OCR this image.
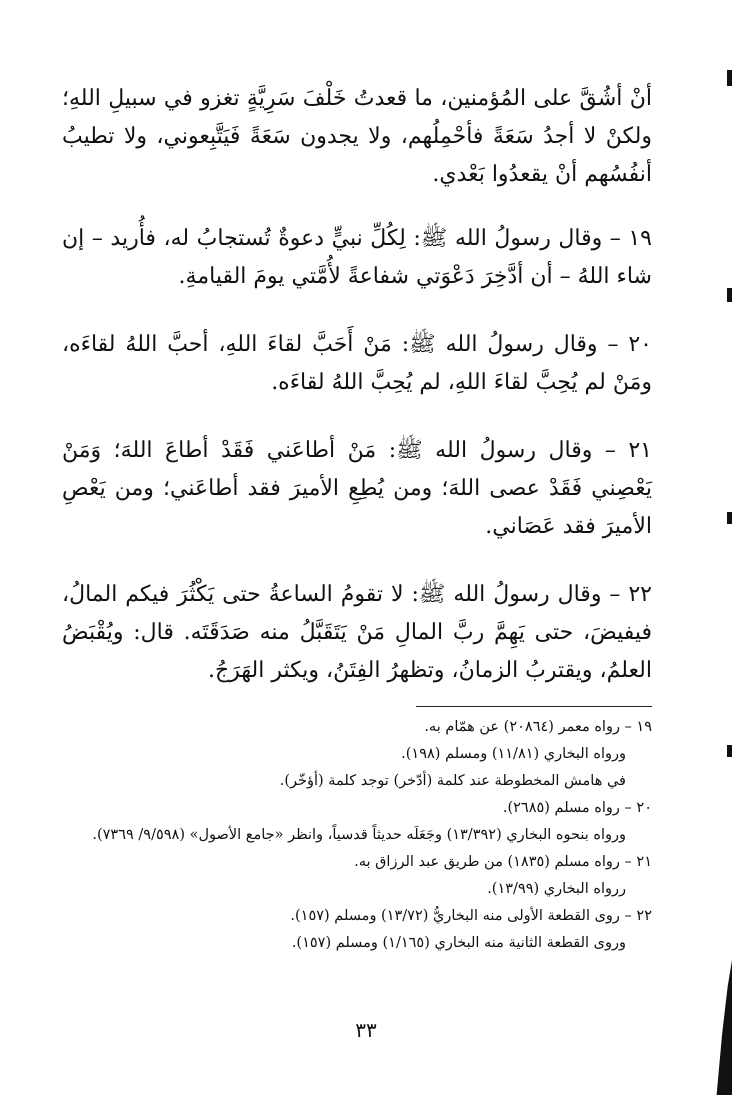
أنْ أشُقَّ على المُؤمنين، ما قعدتُ خَلْفَ سَرِيَّةٍ تغزو في سبيلِ اللهِ؛ ولكنْ لا أجدُ سَعَةً فأحْمِلُهم، ولا يجدون سَعَةً فَيَتَّبِعوني، ولا تطيبُ أنفُسُهم أنْ يقعدُوا بَعْدي.

١٩ – وقال رسولُ الله ﷺ: لِكُلِّ نبيٍّ دعوةٌ تُستجابُ له، فأُريد – إن شاء اللهُ – أن أدَّخِرَ دَعْوَتي شفاعةً لأُمَّتي يومَ القيامةِ.

٢٠ – وقال رسولُ الله ﷺ: مَنْ أَحَبَّ لقاءَ اللهِ، أحبَّ اللهُ لقاءَه، ومَنْ لم يُحِبَّ لقاءَ اللهِ، لم يُحِبَّ اللهُ لقاءَه.

٢١ – وقال رسولُ الله ﷺ: مَنْ أطاعَني فَقَدْ أطاعَ اللهَ؛ وَمَنْ يَعْصِني فَقَدْ عصى اللهَ؛ ومن يُطِعِ الأميرَ فقد أطاعَني؛ ومن يَعْصِ الأميرَ فقد عَصَاني.

٢٢ – وقال رسولُ الله ﷺ: لا تقومُ الساعةُ حتى يَكْثُرَ فيكم المالُ، فيفيضَ، حتى يَهِمَّ ربَّ المالِ مَنْ يَتَقَبَّلُ منه صَدَقَتَه. قال: ويُقْبَضُ العلمُ، ويقتربُ الزمانُ، وتظهرُ الفِتَنُ، ويكثر الهَرَجُ.

١٩ – رواه معمر (٢٠٨٦٤) عن همّام به.
ورواه البخاري (١١/٨١) ومسلم (١٩٨).
في هامش المخطوطة عند كلمة (أدّخر) توجد كلمة (أؤخّر).
٢٠ – رواه مسلم (٢٦٨٥).
ورواه بنحوه البخاري (١٣/٣٩٢) وجَعَلَه حديثاً قدسياً، وانظر «جامع الأصول» (٩/٥٩٨/ ٧٣٦٩).
٢١ – رواه مسلم (١٨٣٥) من طريق عبد الرزاق به.
ررواه البخاري (١٣/٩٩).
٢٢ – روى القطعة الأولى منه البخاريُّ (١٣/٧٢) ومسلم (١٥٧).
وروى القطعة الثانية منه البخاري (١/١٦٥) ومسلم (١٥٧).
٣٣
